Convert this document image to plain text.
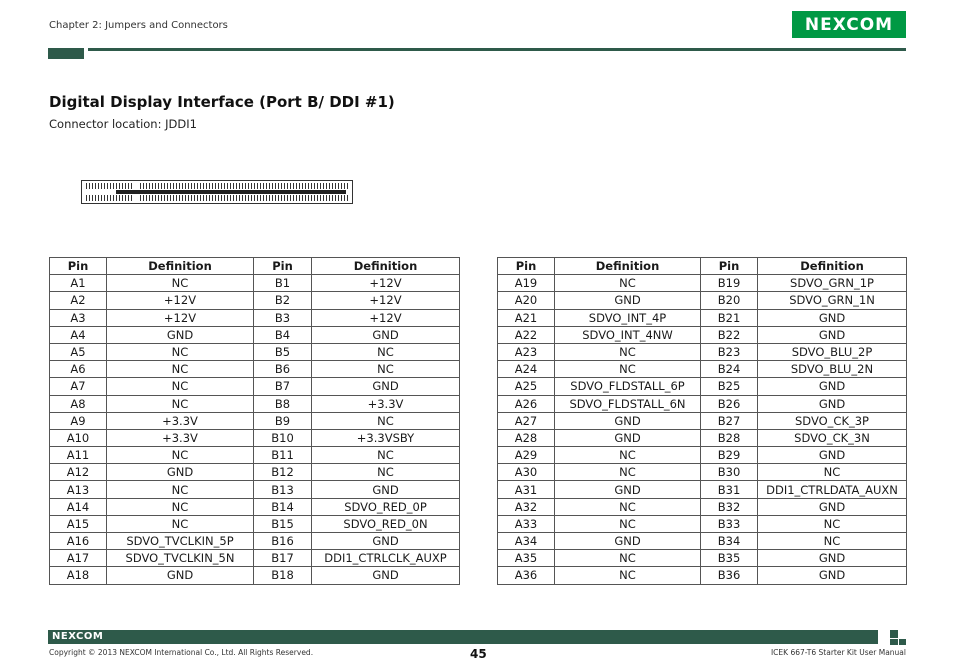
Chapter 2: Jumpers and Connectors	NEXCOM
Digital Display Interface (Port B/ DDI #1)
Connector location: JDDI1
Pin	Definition	Pin	Definition
A1	NC	B1	+12V
A2	+12V	B2	+12V
A3	+12V	B3	+12V
A4	GND	B4	GND
A5	NC	B5	NC
A6	NC	B6	NC
A7	NC	B7	GND
A8	NC	B8	+3.3V
A9	+3.3V	B9	NC
A10	+3.3V	B10	+3.3VSBY
A11	NC	B11	NC
A12	GND	B12	NC
A13	NC	B13	GND
A14	NC	B14	SDVO_RED_0P
A15	NC	B15	SDVO_RED_0N
A16	SDVO_TVCLKIN_5P	B16	GND
A17	SDVO_TVCLKIN_5N	B17	DDI1_CTRLCLK_AUXP
A18	GND	B18	GND
Pin	Definition	Pin	Definition
A19	NC	B19	SDVO_GRN_1P
A20	GND	B20	SDVO_GRN_1N
A21	SDVO_INT_4P	B21	GND
A22	SDVO_INT_4NW	B22	GND
A23	NC	B23	SDVO_BLU_2P
A24	NC	B24	SDVO_BLU_2N
A25	SDVO_FLDSTALL_6P	B25	GND
A26	SDVO_FLDSTALL_6N	B26	GND
A27	GND	B27	SDVO_CK_3P
A28	GND	B28	SDVO_CK_3N
A29	NC	B29	GND
A30	NC	B30	NC
A31	GND	B31	DDI1_CTRLDATA_AUXN
A32	NC	B32	GND
A33	NC	B33	NC
A34	GND	B34	NC
A35	NC	B35	GND
A36	NC	B36	GND
NEXCOM
Copyright © 2013 NEXCOM International Co., Ltd. All Rights Reserved.	45	ICEK 667-T6 Starter Kit User Manual
